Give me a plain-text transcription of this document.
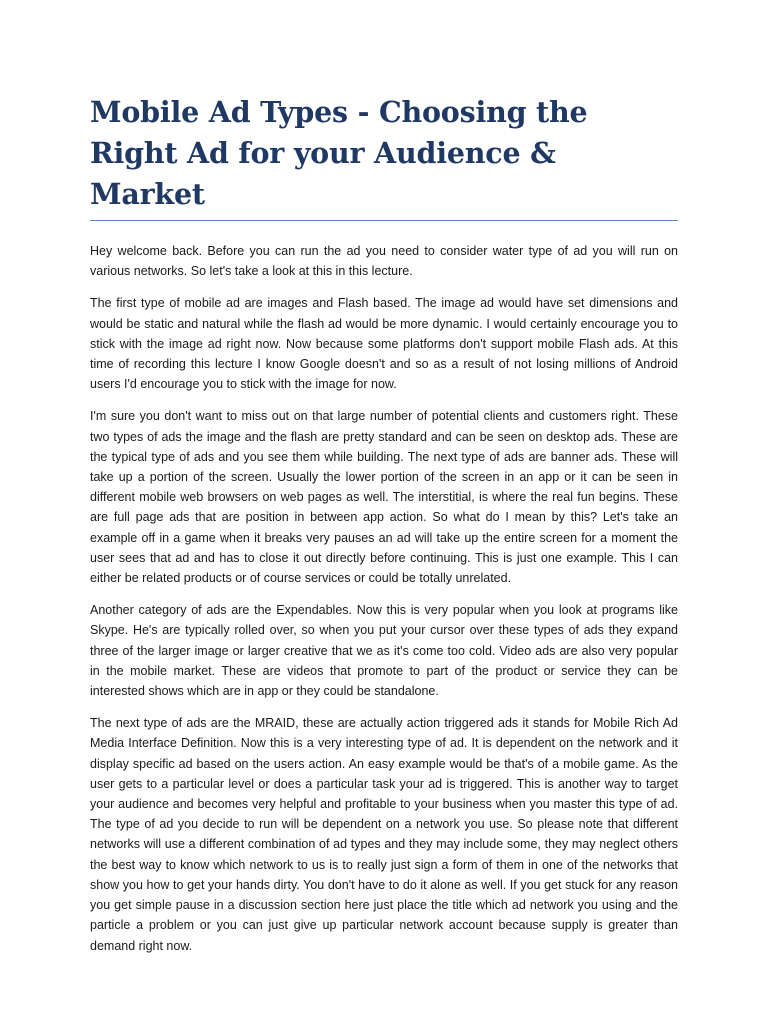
Mobile Ad Types - Choosing the Right Ad for your Audience & Market

Hey welcome back. Before you can run the ad you need to consider water type of ad you will run on various networks. So let's take a look at this in this lecture.

The first type of mobile ad are images and Flash based. The image ad would have set dimensions and would be static and natural while the flash ad would be more dynamic. I would certainly encourage you to stick with the image ad right now. Now because some platforms don't support mobile Flash ads. At this time of recording this lecture I know Google doesn't and so as a result of not losing millions of Android users I'd encourage you to stick with the image for now.

I'm sure you don't want to miss out on that large number of potential clients and customers right. These two types of ads the image and the flash are pretty standard and can be seen on desktop ads. These are the typical type of ads and you see them while building. The next type of ads are banner ads. These will take up a portion of the screen. Usually the lower portion of the screen in an app or it can be seen in different mobile web browsers on web pages as well. The interstitial, is where the real fun begins. These are full page ads that are position in between app action. So what do I mean by this? Let's take an example off in a game when it breaks very pauses an ad will take up the entire screen for a moment the user sees that ad and has to close it out directly before continuing. This is just one example. This I can either be related products or of course services or could be totally unrelated.

Another category of ads are the Expendables. Now this is very popular when you look at programs like Skype. He's are typically rolled over, so when you put your cursor over these types of ads they expand three of the larger image or larger creative that we as it's come too cold. Video ads are also very popular in the mobile market. These are videos that promote to part of the product or service they can be interested shows which are in app or they could be standalone.

The next type of ads are the MRAID, these are actually action triggered ads it stands for Mobile Rich Ad Media Interface Definition. Now this is a very interesting type of ad. It is dependent on the network and it display specific ad based on the users action. An easy example would be that's of a mobile game. As the user gets to a particular level or does a particular task your ad is triggered. This is another way to target your audience and becomes very helpful and profitable to your business when you master this type of ad. The type of ad you decide to run will be dependent on a network you use. So please note that different networks will use a different combination of ad types and they may include some, they may neglect others the best way to know which network to us is to really just sign a form of them in one of the networks that show you how to get your hands dirty. You don't have to do it alone as well. If you get stuck for any reason you get simple pause in a discussion section here just place the title which ad network you using and the particle a problem or you can just give up particular network account because supply is greater than demand right now.
